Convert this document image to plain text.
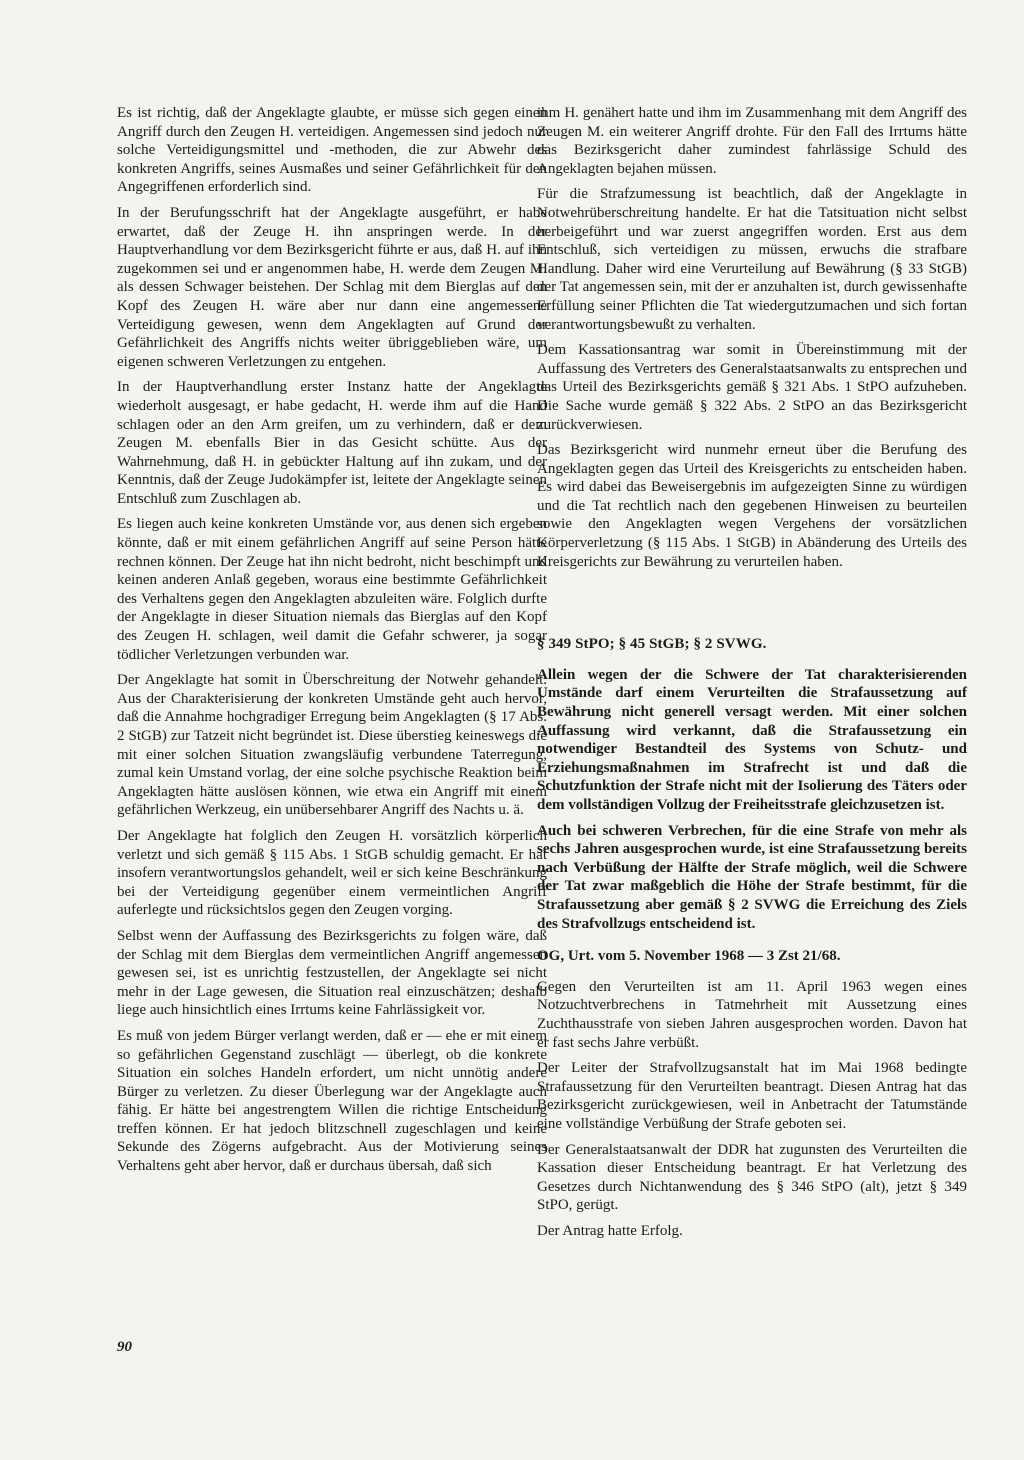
Es ist richtig, daß der Angeklagte glaubte, er müsse sich gegen einen Angriff durch den Zeugen H. verteidigen. Angemessen sind jedoch nur solche Verteidigungsmittel und -methoden, die zur Abwehr des konkreten Angriffs, seines Ausmaßes und seiner Gefährlichkeit für den Angegriffenen erforderlich sind.

In der Berufungsschrift hat der Angeklagte ausgeführt, er habe erwartet, daß der Zeuge H. ihn anspringen werde. In der Hauptverhandlung vor dem Bezirksgericht führte er aus, daß H. auf ihn zugekommen sei und er angenommen habe, H. werde dem Zeugen M. als dessen Schwager beistehen. Der Schlag mit dem Bierglas auf den Kopf des Zeugen H. wäre aber nur dann eine angemessene Verteidigung gewesen, wenn dem Angeklagten auf Grund der Gefährlichkeit des Angriffs nichts weiter übriggeblieben wäre, um eigenen schweren Verletzungen zu entgehen.

In der Hauptverhandlung erster Instanz hatte der Angeklagte wiederholt ausgesagt, er habe gedacht, H. werde ihm auf die Hand schlagen oder an den Arm greifen, um zu verhindern, daß er dem Zeugen M. ebenfalls Bier in das Gesicht schütte. Aus der Wahrnehmung, daß H. in gebückter Haltung auf ihn zukam, und der Kenntnis, daß der Zeuge Judokämpfer ist, leitete der Angeklagte seinen Entschluß zum Zuschlagen ab.

Es liegen auch keine konkreten Umstände vor, aus denen sich ergeben könnte, daß er mit einem gefährlichen Angriff auf seine Person hätte rechnen können. Der Zeuge hat ihn nicht bedroht, nicht beschimpft und keinen anderen Anlaß gegeben, woraus eine bestimmte Gefährlichkeit des Verhaltens gegen den Angeklagten abzuleiten wäre. Folglich durfte der Angeklagte in dieser Situation niemals das Bierglas auf den Kopf des Zeugen H. schlagen, weil damit die Gefahr schwerer, ja sogar tödlicher Verletzungen verbunden war.

Der Angeklagte hat somit in Überschreitung der Notwehr gehandelt. Aus der Charakterisierung der konkreten Umstände geht auch hervor, daß die Annahme hochgradiger Erregung beim Angeklagten (§ 17 Abs. 2 StGB) zur Tatzeit nicht begründet ist. Diese überstieg keineswegs die mit einer solchen Situation zwangsläufig verbundene Taterregung, zumal kein Umstand vorlag, der eine solche psychische Reaktion beim Angeklagten hätte auslösen können, wie etwa ein Angriff mit einem gefährlichen Werkzeug, ein unübersehbarer Angriff des Nachts u. ä.

Der Angeklagte hat folglich den Zeugen H. vorsätzlich körperlich verletzt und sich gemäß § 115 Abs. 1 StGB schuldig gemacht. Er hat insofern verantwortungslos gehandelt, weil er sich keine Beschränkung bei der Verteidigung gegenüber einem vermeintlichen Angriff auferlegte und rücksichtslos gegen den Zeugen vorging.

Selbst wenn der Auffassung des Bezirksgerichts zu folgen wäre, daß der Schlag mit dem Bierglas dem vermeintlichen Angriff angemessen gewesen sei, ist es unrichtig festzustellen, der Angeklagte sei nicht mehr in der Lage gewesen, die Situation real einzuschätzen; deshalb liege auch hinsichtlich eines Irrtums keine Fahrlässigkeit vor.

Es muß von jedem Bürger verlangt werden, daß er — ehe er mit einem so gefährlichen Gegenstand zuschlägt — überlegt, ob die konkrete Situation ein solches Handeln erfordert, um nicht unnötig andere Bürger zu verletzen. Zu dieser Überlegung war der Angeklagte auch fähig. Er hätte bei angestrengtem Willen die richtige Entscheidung treffen können. Er hat jedoch blitzschnell zugeschlagen und keine Sekunde des Zögerns aufgebracht. Aus der Motivierung seines Verhaltens geht aber hervor, daß er durchaus übersah, daß sich

ihm H. genähert hatte und ihm im Zusammenhang mit dem Angriff des Zeugen M. ein weiterer Angriff drohte. Für den Fall des Irrtums hätte das Bezirksgericht daher zumindest fahrlässige Schuld des Angeklagten bejahen müssen.

Für die Strafzumessung ist beachtlich, daß der Angeklagte in Notwehrüberschreitung handelte. Er hat die Tatsituation nicht selbst herbeigeführt und war zuerst angegriffen worden. Erst aus dem Entschluß, sich verteidigen zu müssen, erwuchs die strafbare Handlung. Daher wird eine Verurteilung auf Bewährung (§ 33 StGB) der Tat angemessen sein, mit der er anzuhalten ist, durch gewissenhafte Erfüllung seiner Pflichten die Tat wiedergutzumachen und sich fortan verantwortungsbewußt zu verhalten.

Dem Kassationsantrag war somit in Übereinstimmung mit der Auffassung des Vertreters des Generalstaatsanwalts zu entsprechen und das Urteil des Bezirksgerichts gemäß § 321 Abs. 1 StPO aufzuheben. Die Sache wurde gemäß § 322 Abs. 2 StPO an das Bezirksgericht zurückverwiesen.

Das Bezirksgericht wird nunmehr erneut über die Berufung des Angeklagten gegen das Urteil des Kreisgerichts zu entscheiden haben. Es wird dabei das Beweisergebnis im aufgezeigten Sinne zu würdigen und die Tat rechtlich nach den gegebenen Hinweisen zu beurteilen sowie den Angeklagten wegen Vergehens der vorsätzlichen Körperverletzung (§ 115 Abs. 1 StGB) in Abänderung des Urteils des Kreisgerichts zur Bewährung zu verurteilen haben.

§ 349 StPO; § 45 StGB; § 2 SVWG.

Allein wegen der die Schwere der Tat charakterisierenden Umstände darf einem Verurteilten die Strafaussetzung auf Bewährung nicht generell versagt werden. Mit einer solchen Auffassung wird verkannt, daß die Strafaussetzung ein notwendiger Bestandteil des Systems von Schutz- und Erziehungsmaßnahmen im Strafrecht ist und daß die Schutzfunktion der Strafe nicht mit der Isolierung des Täters oder dem vollständigen Vollzug der Freiheitsstrafe gleichzusetzen ist.

Auch bei schweren Verbrechen, für die eine Strafe von mehr als sechs Jahren ausgesprochen wurde, ist eine Strafaussetzung bereits nach Verbüßung der Hälfte der Strafe möglich, weil die Schwere der Tat zwar maßgeblich die Höhe der Strafe bestimmt, für die Strafaussetzung aber gemäß § 2 SVWG die Erreichung des Ziels des Strafvollzugs entscheidend ist.

OG, Urt. vom 5. November 1968 — 3 Zst 21/68.

Gegen den Verurteilten ist am 11. April 1963 wegen eines Notzuchtverbrechens in Tatmehrheit mit Aussetzung eines Zuchthausstrafe von sieben Jahren ausgesprochen worden. Davon hat er fast sechs Jahre verbüßt.

Der Leiter der Strafvollzugsanstalt hat im Mai 1968 bedingte Strafaussetzung für den Verurteilten beantragt. Diesen Antrag hat das Bezirksgericht zurückgewiesen, weil in Anbetracht der Tatumstände eine vollständige Verbüßung der Strafe geboten sei.

Der Generalstaatsanwalt der DDR hat zugunsten des Verurteilten die Kassation dieser Entscheidung beantragt. Er hat Verletzung des Gesetzes durch Nichtanwendung des § 346 StPO (alt), jetzt § 349 StPO, gerügt.

Der Antrag hatte Erfolg.

90
